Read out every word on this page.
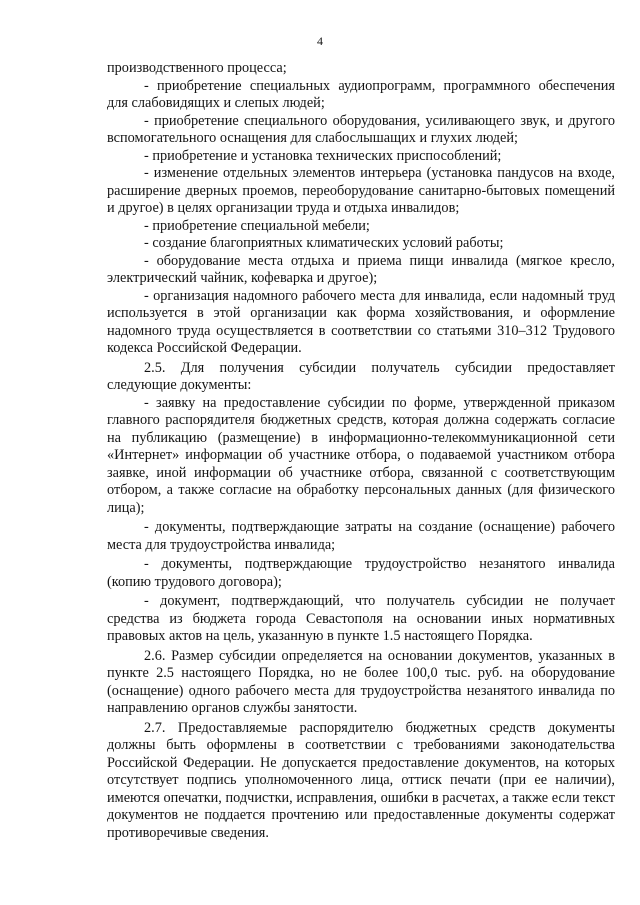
4

производственного процесса;

- приобретение специальных аудиопрограмм, программного обеспечения для слабовидящих и слепых людей;

- приобретение специального оборудования, усиливающего звук, и другого вспомогательного оснащения для слабослышащих и глухих людей;

- приобретение и установка технических приспособлений;

- изменение отдельных элементов интерьера (установка пандусов на входе, расширение дверных проемов, переоборудование санитарно-бытовых помещений и другое) в целях организации труда и отдыха инвалидов;

- приобретение специальной мебели;

- создание благоприятных климатических условий работы;

- оборудование места отдыха и приема пищи инвалида (мягкое кресло, электрический чайник, кофеварка и другое);

- организация надомного рабочего места для инвалида, если надомный труд используется в этой организации как форма хозяйствования, и оформление надомного труда осуществляется в соответствии со статьями 310–312 Трудового кодекса Российской Федерации.

2.5. Для получения субсидии получатель субсидии предоставляет следующие документы:

- заявку на предоставление субсидии по форме, утвержденной приказом главного распорядителя бюджетных средств, которая должна содержать согласие на публикацию (размещение) в информационно-телекоммуникационной сети «Интернет» информации об участнике отбора, о подаваемой участником отбора заявке, иной информации об участнике отбора, связанной с соответствующим отбором, а также согласие на обработку персональных данных (для физического лица);

- документы, подтверждающие затраты на создание (оснащение) рабочего места для трудоустройства инвалида;

- документы, подтверждающие трудоустройство незанятого инвалида (копию трудового договора);

- документ, подтверждающий, что получатель субсидии не получает средства из бюджета города Севастополя на основании иных нормативных правовых актов на цель, указанную в пункте 1.5 настоящего Порядка.

2.6. Размер субсидии определяется на основании документов, указанных в пункте 2.5 настоящего Порядка, но не более 100,0 тыс. руб. на оборудование (оснащение) одного рабочего места для трудоустройства незанятого инвалида по направлению органов службы занятости.

2.7. Предоставляемые распорядителю бюджетных средств документы должны быть оформлены в соответствии с требованиями законодательства Российской Федерации. Не допускается предоставление документов, на которых отсутствует подпись уполномоченного лица, оттиск печати (при ее наличии), имеются опечатки, подчистки, исправления, ошибки в расчетах, а также если текст документов не поддается прочтению или предоставленные документы содержат противоречивые сведения.
